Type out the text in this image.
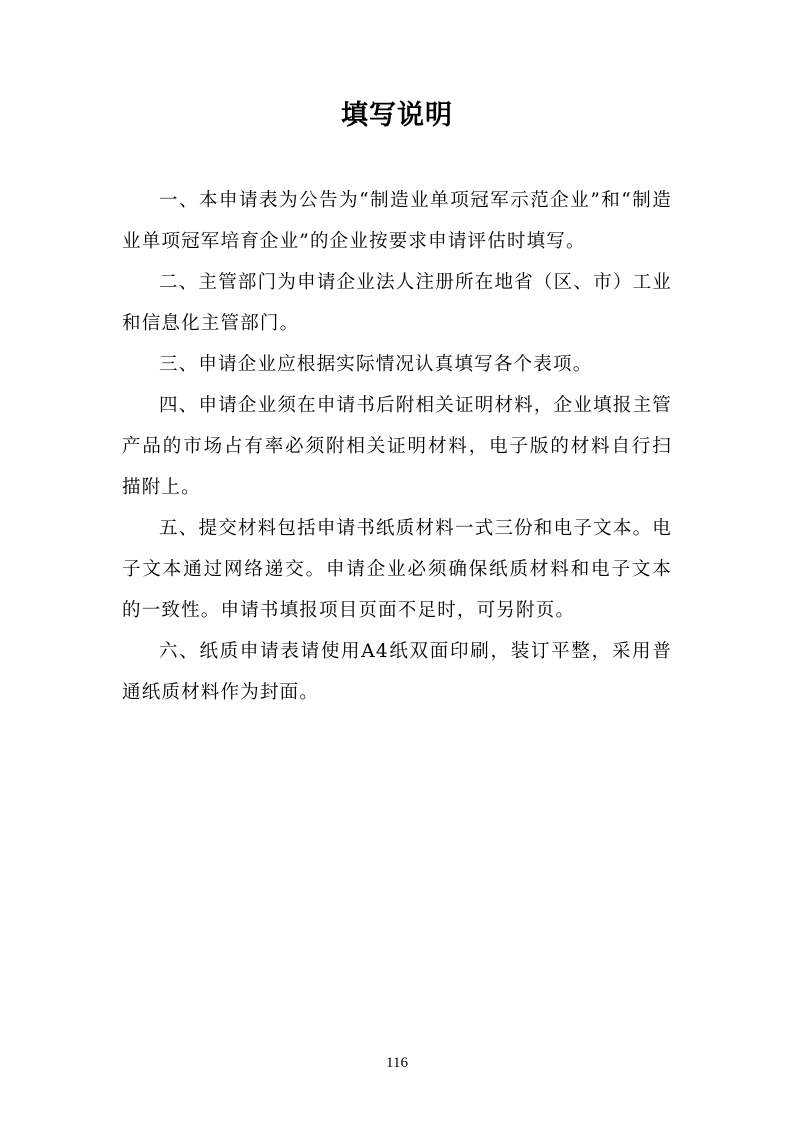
填写说明

一、本申请表为公告为“制造业单项冠军示范企业”和“制造业单项冠军培育企业”的企业按要求申请评估时填写。

二、主管部门为申请企业法人注册所在地省（区、市）工业和信息化主管部门。

三、申请企业应根据实际情况认真填写各个表项。

四、申请企业须在申请书后附相关证明材料，企业填报主管产品的市场占有率必须附相关证明材料，电子版的材料自行扫描附上。

五、提交材料包括申请书纸质材料一式三份和电子文本。电子文本通过网络递交。申请企业必须确保纸质材料和电子文本的一致性。申请书填报项目页面不足时，可另附页。

六、纸质申请表请使用A4纸双面印刷，装订平整，采用普通纸质材料作为封面。

116
